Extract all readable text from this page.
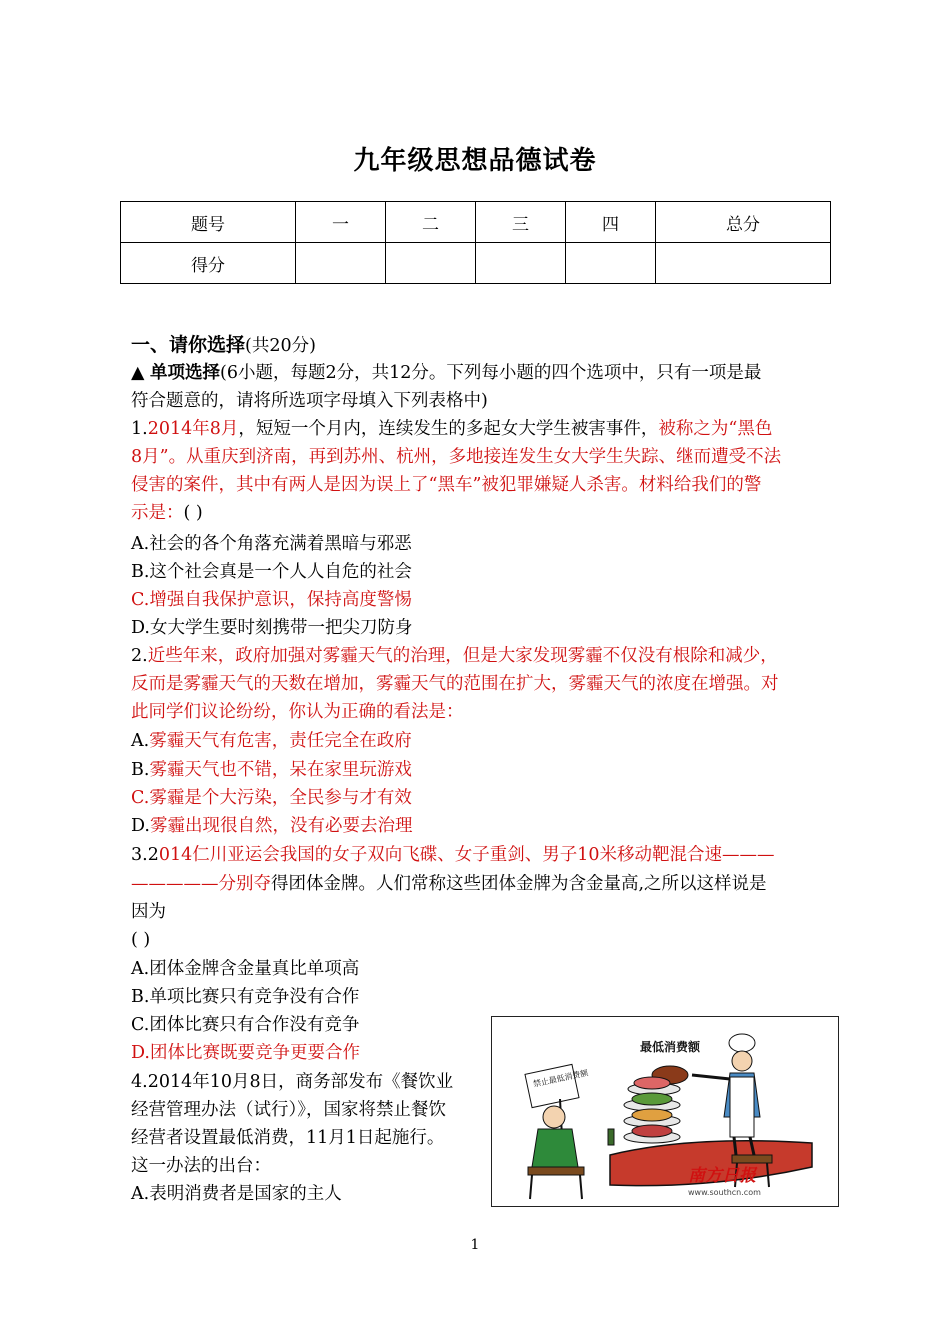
九年级思想品德试卷
题号	一	二	三	四	总分
得分					
一、请你选择(共20分)
▲ 单项选择(6小题，每题2分，共12分。下列每小题的四个选项中，只有一项是最
符合题意的，请将所选项字母填入下列表格中)
1.2014年8月，短短一个月内，连续发生的多起女大学生被害事件，被称之为“黑色
8月”。从重庆到济南，再到苏州、杭州，多地接连发生女大学生失踪、继而遭受不法
侵害的案件，其中有两人是因为误上了“黑车”被犯罪嫌疑人杀害。材料给我们的警
示是：( )
A.社会的各个角落充满着黑暗与邪恶
B.这个社会真是一个人人自危的社会
C.增强自我保护意识，保持高度警惕
D.女大学生要时刻携带一把尖刀防身
2.近些年来，政府加强对雾霾天气的治理，但是大家发现雾霾不仅没有根除和减少，
反而是雾霾天气的天数在增加，雾霾天气的范围在扩大，雾霾天气的浓度在增强。对
此同学们议论纷纷，你认为正确的看法是：
A.雾霾天气有危害，责任完全在政府
B.雾霾天气也不错，呆在家里玩游戏
C.雾霾是个大污染，全民参与才有效
D.雾霾出现很自然，没有必要去治理
3.2014仁川亚运会我国的女子双向飞碟、女子重剑、男子10米移动靶混合速———
—————分别夺得团体金牌。人们常称这些团体金牌为含金量高,之所以这样说是
因为
( )
A.团体金牌含金量真比单项高
B.单项比赛只有竞争没有合作
C.团体比赛只有合作没有竞争
D.团体比赛既要竞争更要合作
4.2014年10月8日，商务部发布《餐饮业
经营管理办法（试行）》，国家将禁止餐饮
经营者设置最低消费，11月1日起施行。
这一办法的出台：
A.表明消费者是国家的主人
最低消费额
禁止最低消费额
南方日报
www.southcn.com
1
